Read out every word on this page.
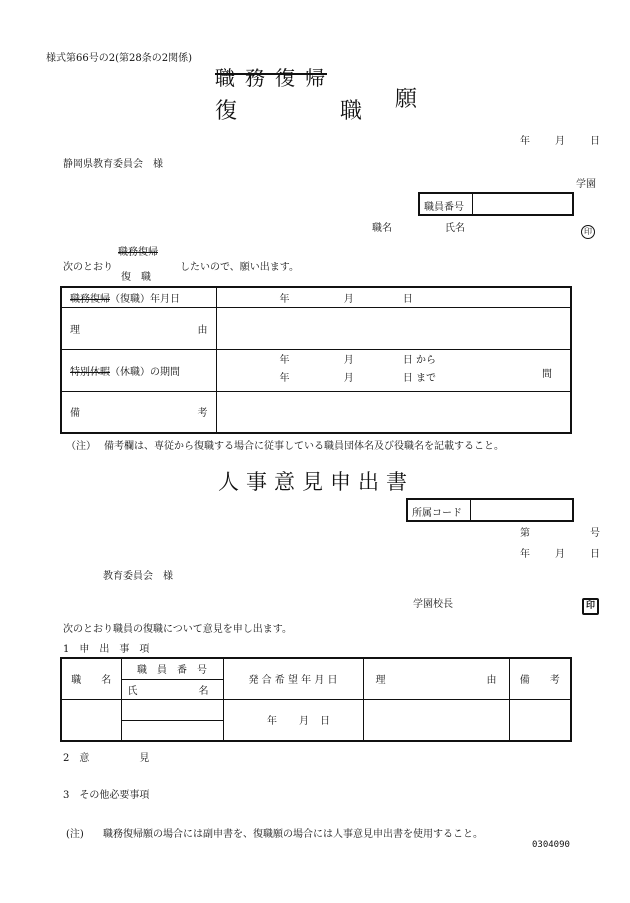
様式第66号の2(第28条の2関係)
職務復帰
復	職 願
年	月	日
静岡県教育委員会　様
学園
職員番号
職名	氏名	印
職務復帰
次のとおり	したいので、願い出ます。
復　職
職務復帰（復職）年月日	年 月 日

理 由	

特別休暇（休職）の期間	年 月 日 から
年 月 日 まで 間

備 考	

（注） 備考欄は、専従から復職する場合に従事している職員団体名及び役職名を記載すること。
人事意見申出書
所属コード
第	号
年	月	日
教育委員会　様
学園校長	印
次のとおり職員の復職について意見を申し出ます。
1　申　出　事　項
職　　名	職　員　番　号	発 合 希 望 年 月 日	理 由	備　　考

	氏 名			

		年 月 日		

2　意　　　　　見
3　その他必要事項
(注) 職務復帰願の場合には副申書を、復職願の場合には人事意見申出書を使用すること。
0304090
